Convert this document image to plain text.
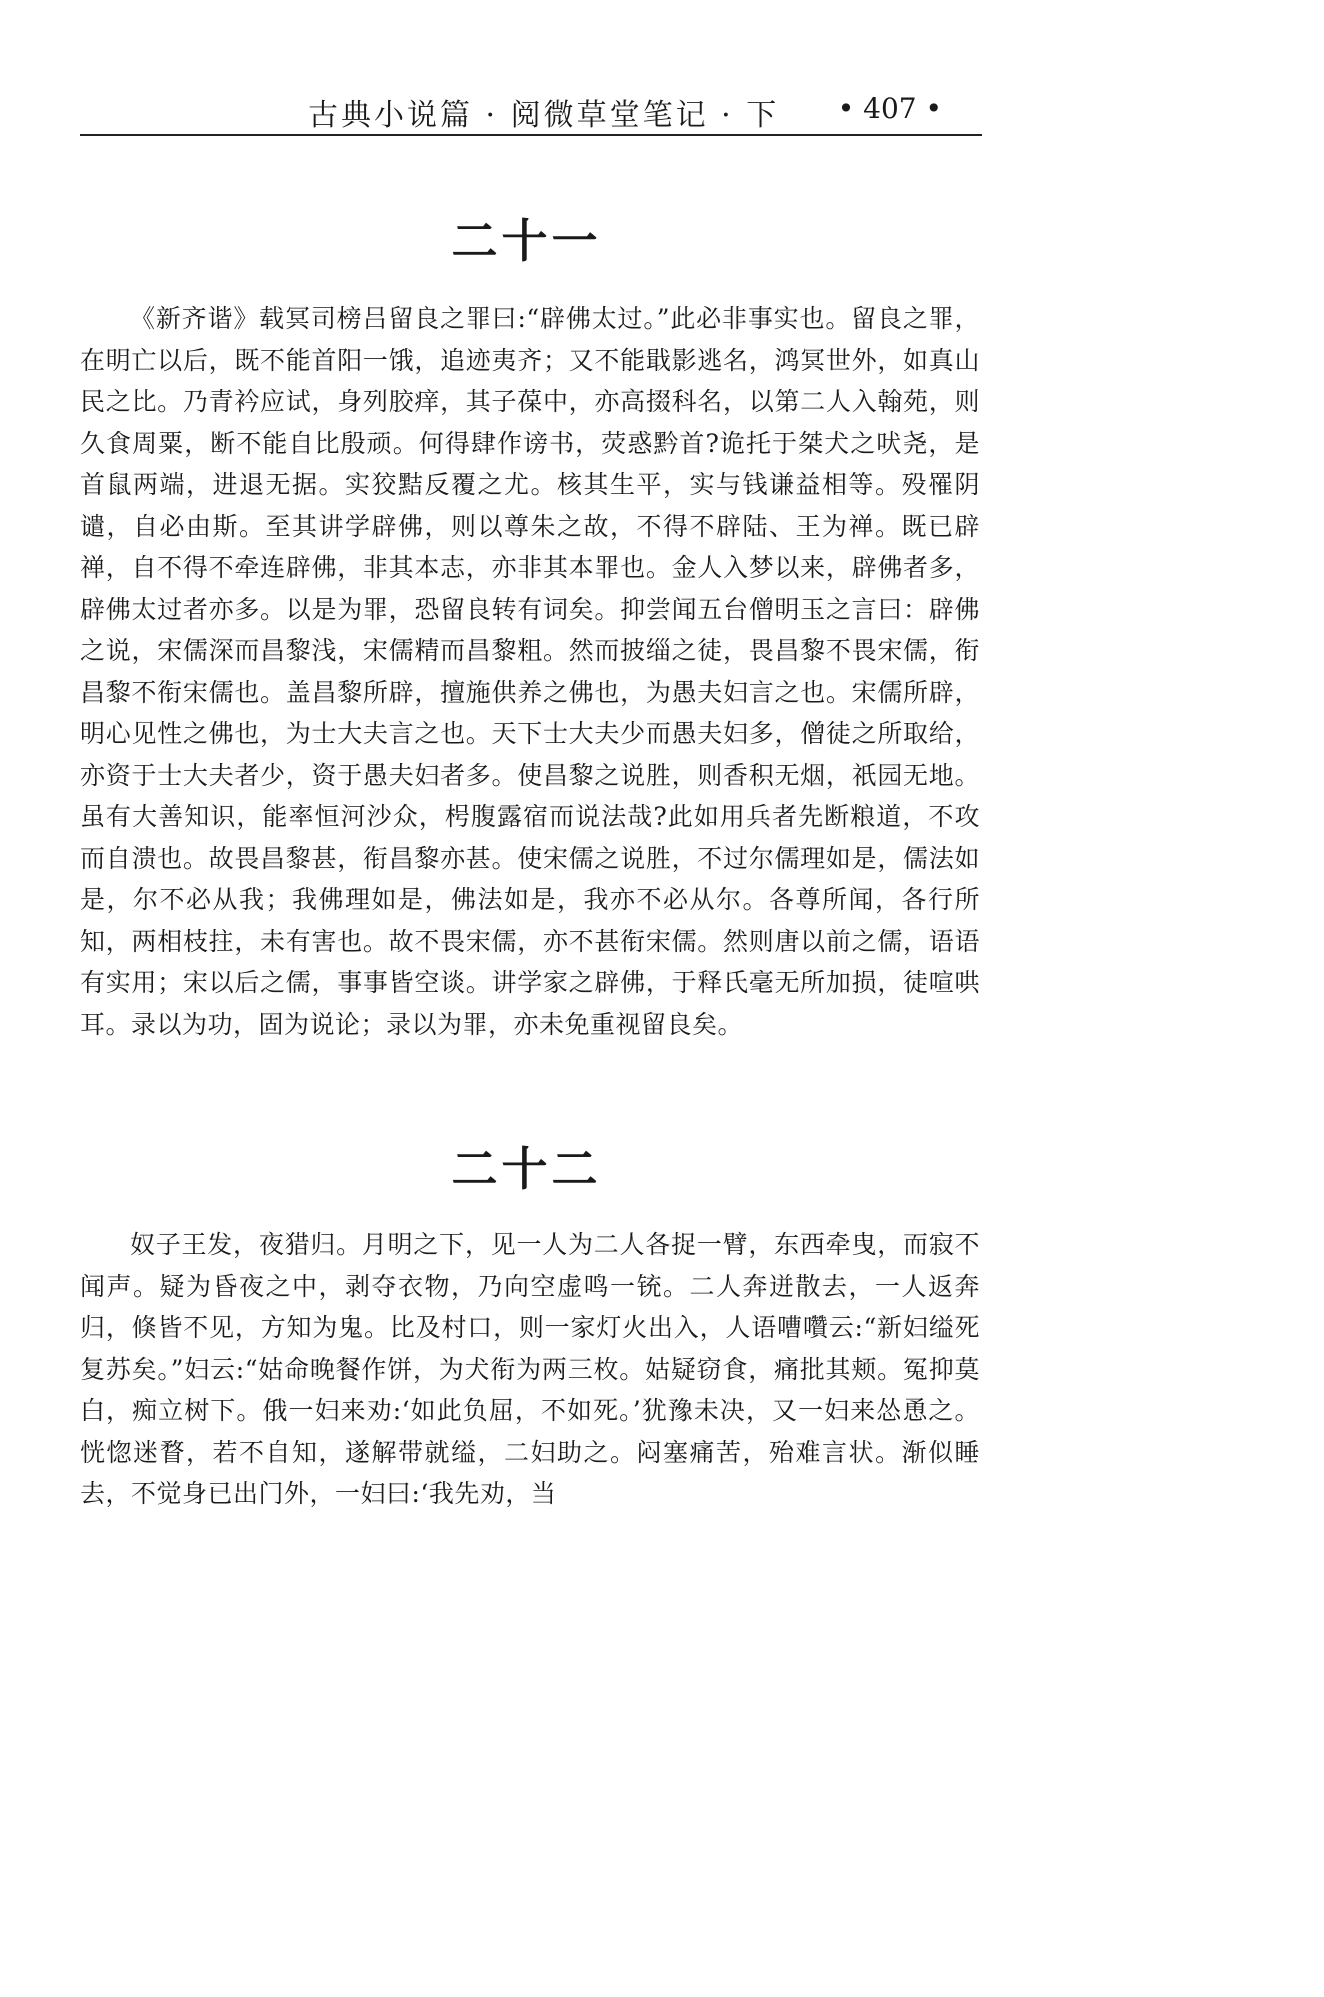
古典小说篇 · 阅微草堂笔记 · 下 • 407 •
二十一

《新齐谐》载冥司榜吕留良之罪曰:“辟佛太过。”此必非事实也。留良之罪，在明亡以后，既不能首阳一饿，追迹夷齐；又不能戢影逃名，鸿冥世外，如真山民之比。乃青衿应试，身列胶痒，其子葆中，亦高掇科名，以第二人入翰苑，则久食周粟，断不能自比殷顽。何得肆作谤书，荧惑黔首?诡托于桀犬之吠尧，是首鼠两端，进退无据。实狡黠反覆之尤。核其生平，实与钱谦益相等。殁罹阴谴，自必由斯。至其讲学辟佛，则以尊朱之故，不得不辟陆、王为禅。既已辟禅，自不得不牵连辟佛，非其本志，亦非其本罪也。金人入梦以来，辟佛者多，辟佛太过者亦多。以是为罪，恐留良转有词矣。抑尝闻五台僧明玉之言曰：辟佛之说，宋儒深而昌黎浅，宋儒精而昌黎粗。然而披缁之徒，畏昌黎不畏宋儒，衔昌黎不衔宋儒也。盖昌黎所辟，擅施供养之佛也，为愚夫妇言之也。宋儒所辟，明心见性之佛也，为士大夫言之也。天下士大夫少而愚夫妇多，僧徒之所取给，亦资于士大夫者少，资于愚夫妇者多。使昌黎之说胜，则香积无烟，祇园无地。虽有大善知识，能率恒河沙众，枵腹露宿而说法哉?此如用兵者先断粮道，不攻而自溃也。故畏昌黎甚，衔昌黎亦甚。使宋儒之说胜，不过尔儒理如是，儒法如是，尔不必从我；我佛理如是，佛法如是，我亦不必从尔。各尊所闻，各行所知，两相枝拄，未有害也。故不畏宋儒，亦不甚衔宋儒。然则唐以前之儒，语语有实用；宋以后之儒，事事皆空谈。讲学家之辟佛，于释氏毫无所加损，徒喧哄耳。录以为功，固为说论；录以为罪，亦未免重视留良矣。

二十二

奴子王发，夜猎归。月明之下，见一人为二人各捉一臂，东西牵曳，而寂不闻声。疑为昏夜之中，剥夺衣物，乃向空虚鸣一铳。二人奔迸散去，一人返奔归，倏皆不见，方知为鬼。比及村口，则一家灯火出入，人语嘈囋云:“新妇缢死复苏矣。”妇云:“姑命晚餐作饼，为犬衔为两三枚。姑疑窃食，痛批其颊。冤抑莫白，痴立树下。俄一妇来劝:‘如此负屈，不如死。’犹豫未决，又一妇来怂恿之。恍惚迷瞀，若不自知，遂解带就缢，二妇助之。闷塞痛苦，殆难言状。渐似睡去，不觉身已出门外，一妇曰:‘我先劝，当
